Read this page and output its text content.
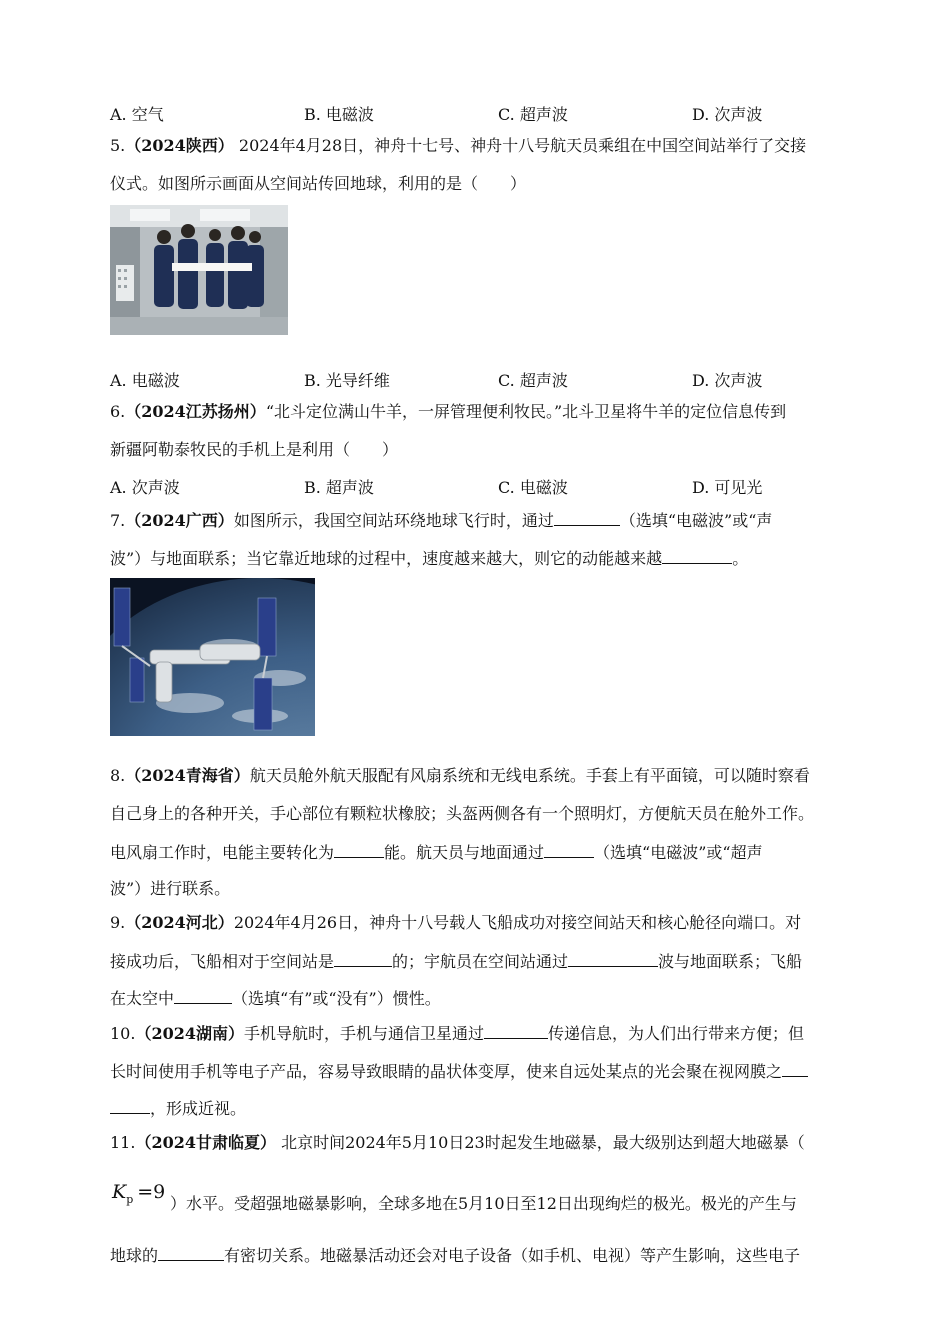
A. 空气	B. 电磁波	C. 超声波	D. 次声波
5.（2024陕西） 2024年4月28日，神舟十七号、神舟十八号航天员乘组在中国空间站举行了交接
仪式。如图所示画面从空间站传回地球，利用的是（　　）
A. 电磁波	B. 光导纤维	C. 超声波	D. 次声波
6.（2024江苏扬州）“北斗定位满山牛羊，一屏管理便利牧民。”北斗卫星将牛羊的定位信息传到
新疆阿勒泰牧民的手机上是利用（　　）
A. 次声波	B. 超声波	C. 电磁波	D. 可见光
7.（2024广西）如图所示，我国空间站环绕地球飞行时，通过	（选填“电磁波”或“声
波”）与地面联系；当它靠近地球的过程中，速度越来越大，则它的动能越来越	。
8.（2024青海省）航天员舱外航天服配有风扇系统和无线电系统。手套上有平面镜，可以随时察看
自己身上的各种开关，手心部位有颗粒状橡胶；头盔两侧各有一个照明灯，方便航天员在舱外工作。
电风扇工作时，电能主要转化为	能。航天员与地面通过	（选填“电磁波”或“超声
波”）进行联系。
9.（2024河北）2024年4月26日，神舟十八号载人飞船成功对接空间站天和核心舱径向端口。对
接成功后，飞船相对于空间站是	的；宇航员在空间站通过	波与地面联系；飞船
在太空中	（选填“有”或“没有”）惯性。
10.（2024湖南）手机导航时，手机与通信卫星通过	传递信息，为人们出行带来方便；但
长时间使用手机等电子产品，容易导致眼睛的晶状体变厚，使来自远处某点的光会聚在视网膜之
，形成近视。
11.（2024甘肃临夏） 北京时间2024年5月10日23时起发生地磁暴，最大级别达到超大地磁暴（
$K_p =9$
）水平。受超强地磁暴影响，全球多地在5月10日至12日出现绚烂的极光。极光的产生与
地球的	有密切关系。地磁暴活动还会对电子设备（如手机、电视）等产生影响，这些电子
